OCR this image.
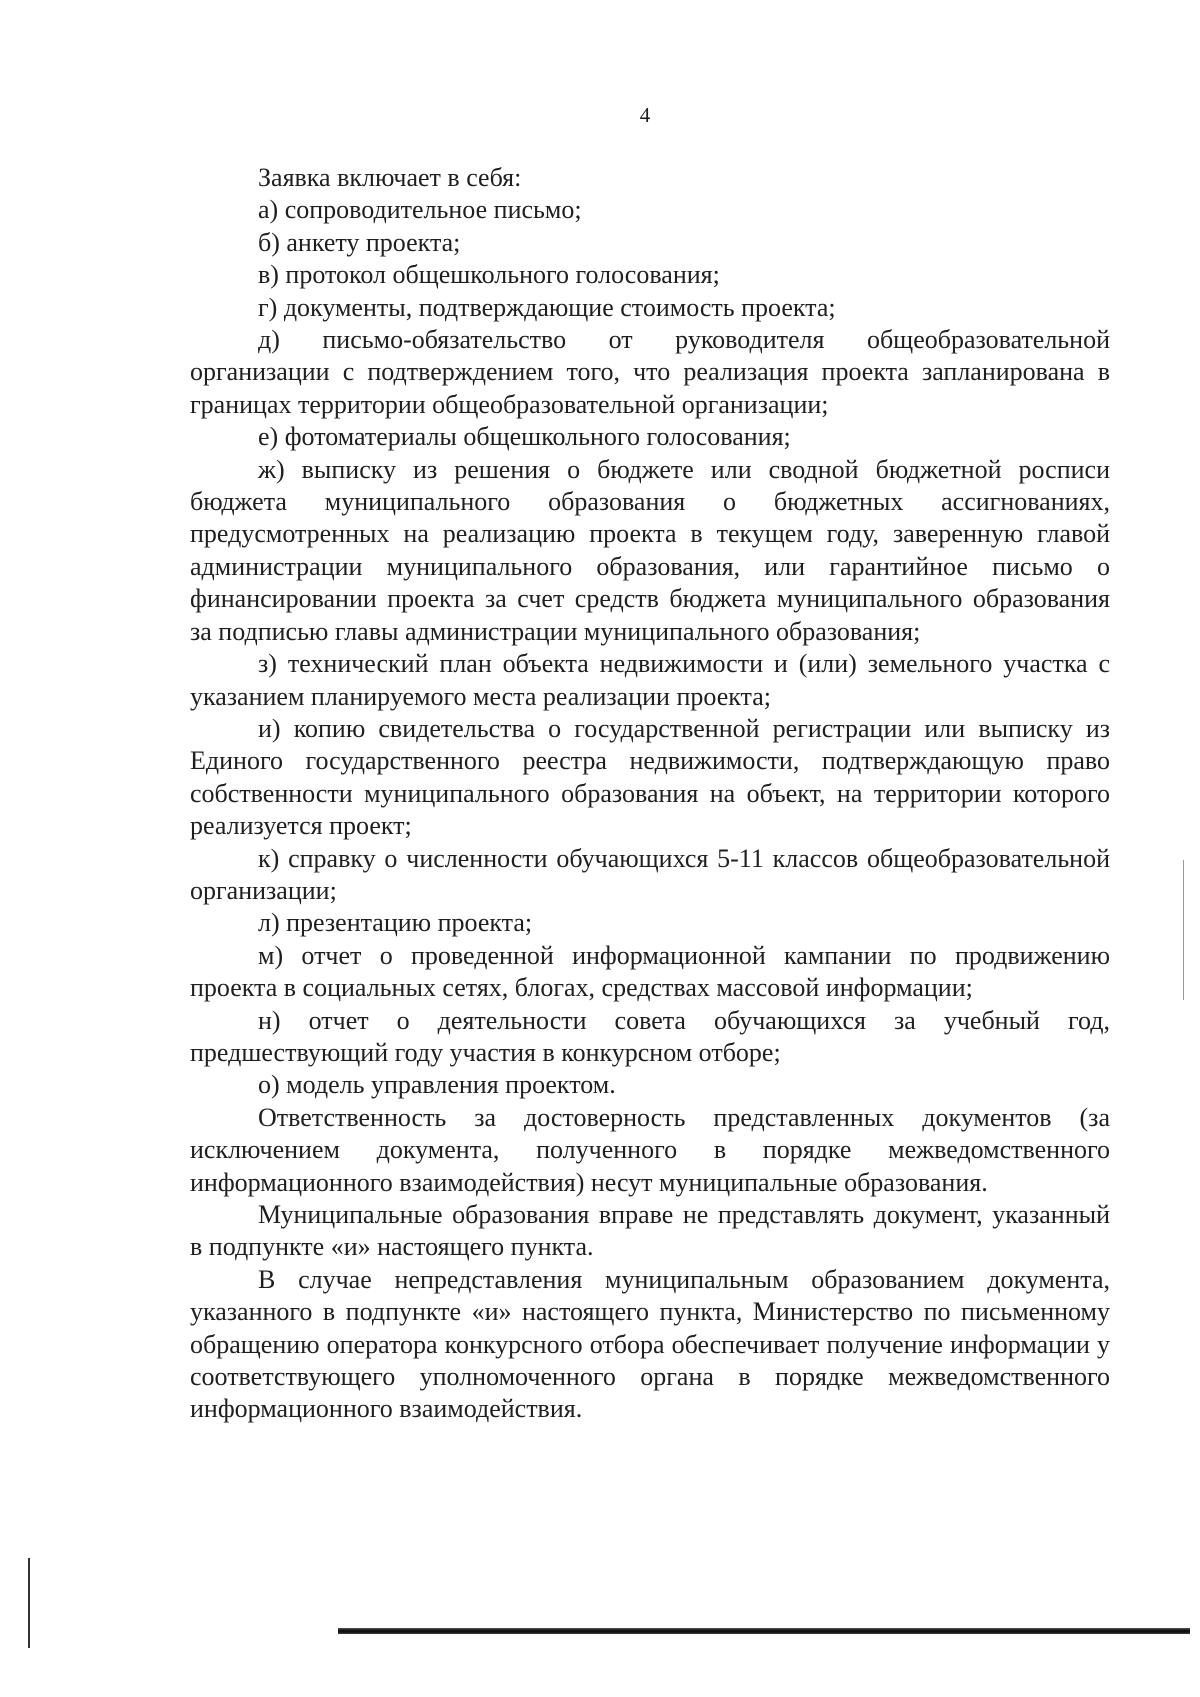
4

Заявка включает в себя:

а) сопроводительное письмо;

б) анкету проекта;

в) протокол общешкольного голосования;

г) документы, подтверждающие стоимость проекта;

д) письмо-обязательство от руководителя общеобразовательной организации с подтверждением того, что реализация проекта запланирована в границах территории общеобразовательной организации;

е) фотоматериалы общешкольного голосования;

ж) выписку из решения о бюджете или сводной бюджетной росписи бюджета муниципального образования о бюджетных ассигнованиях, предусмотренных на реализацию проекта в текущем году, заверенную главой администрации муниципального образования, или гарантийное письмо о финансировании проекта за счет средств бюджета муниципального образования за подписью главы администрации муниципального образования;

з) технический план объекта недвижимости и (или) земельного участка с указанием планируемого места реализации проекта;

и) копию свидетельства о государственной регистрации или выписку из Единого государственного реестра недвижимости, подтверждающую право собственности муниципального образования на объект, на территории которого реализуется проект;

к) справку о численности обучающихся 5-11 классов общеобразовательной организации;

л) презентацию проекта;

м) отчет о проведенной информационной кампании по продвижению проекта в социальных сетях, блогах, средствах массовой информации;

н) отчет о деятельности совета обучающихся за учебный год, предшествующий году участия в конкурсном отборе;

о) модель управления проектом.

Ответственность за достоверность представленных документов (за исключением документа, полученного в порядке межведомственного информационного взаимодействия) несут муниципальные образования.

Муниципальные образования вправе не представлять документ, указанный в подпункте «и» настоящего пункта.

В случае непредставления муниципальным образованием документа, указанного в подпункте «и» настоящего пункта, Министерство по письменному обращению оператора конкурсного отбора обеспечивает получение информации у соответствующего уполномоченного органа в порядке межведомственного информационного взаимодействия.
